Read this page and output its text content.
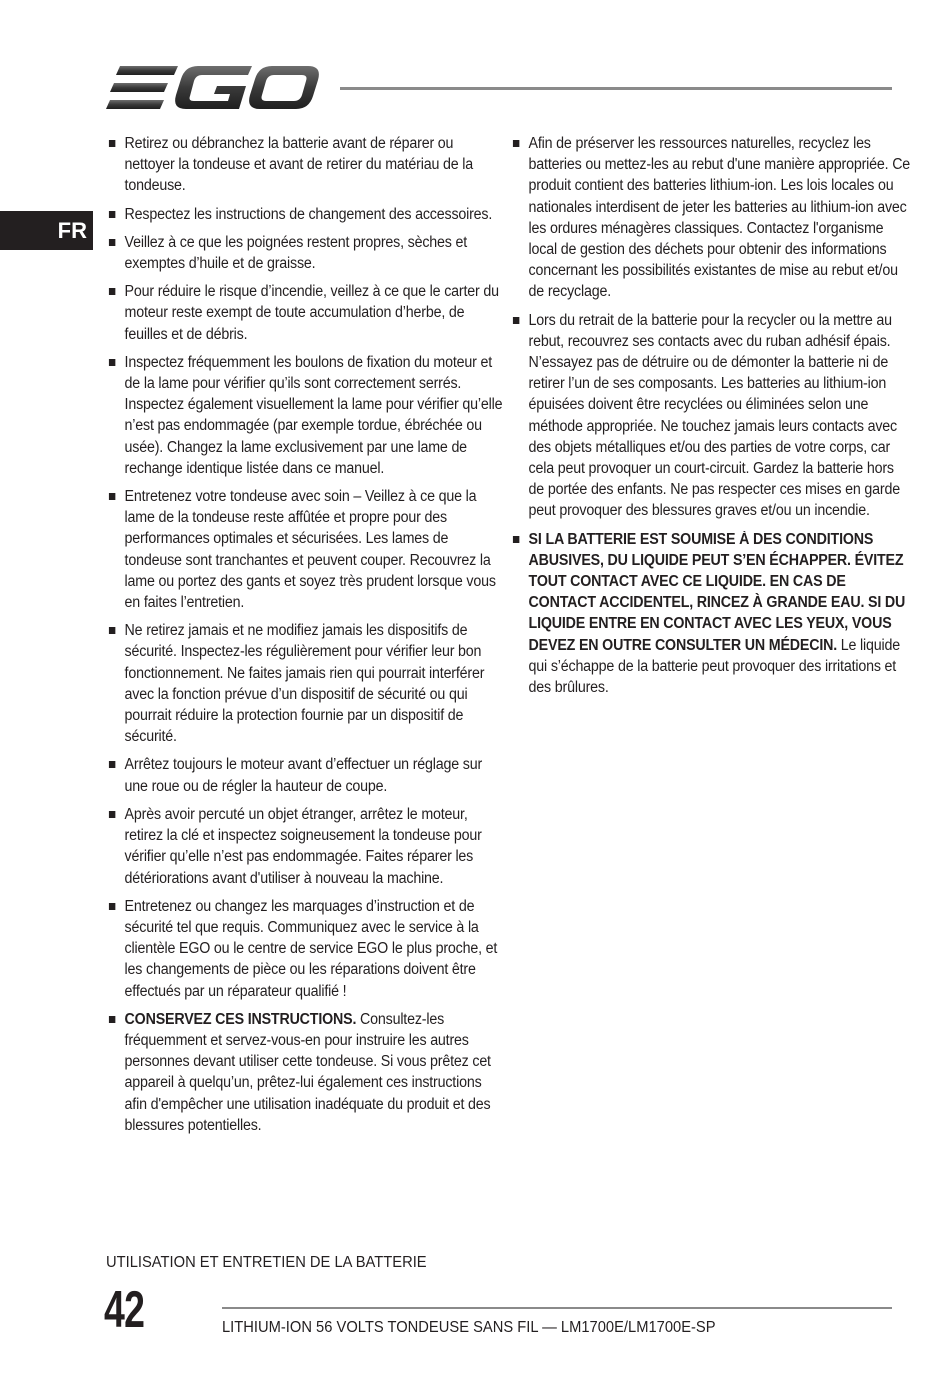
FR
Retirez ou débranchez la batterie avant de réparer ou nettoyer la tondeuse et avant de retirer du matériau de la tondeuse.
Respectez les instructions de changement des accessoires.
Veillez à ce que les poignées restent propres, sèches et exemptes d’huile et de graisse.
Pour réduire le risque d’incendie, veillez à ce que le carter du moteur reste exempt de toute accumulation d’herbe, de feuilles et de débris.
Inspectez fréquemment les boulons de fixation du moteur et de la lame pour vérifier qu’ils sont correctement serrés. Inspectez également visuellement la lame pour vérifier qu’elle n’est pas endommagée (par exemple tordue, ébréchée ou usée). Changez la lame exclusivement par une lame de rechange identique listée dans ce manuel.
Entretenez votre tondeuse avec soin – Veillez à ce que la lame de la tondeuse reste affûtée et propre pour des performances optimales et sécurisées. Les lames de tondeuse sont tranchantes et peuvent couper. Recouvrez la lame ou portez des gants et soyez très prudent lorsque vous en faites l’entretien.
Ne retirez jamais et ne modifiez jamais les dispositifs de sécurité. Inspectez-les régulièrement pour vérifier leur bon fonctionnement. Ne faites jamais rien qui pourrait interférer avec la fonction prévue d’un dispositif de sécurité ou qui pourrait réduire la protection fournie par un dispositif de sécurité.
Arrêtez toujours le moteur avant d’effectuer un réglage sur une roue ou de régler la hauteur de coupe.
Après avoir percuté un objet étranger, arrêtez le moteur, retirez la clé et inspectez soigneusement la tondeuse pour vérifier qu’elle n’est pas endommagée. Faites réparer les détériorations avant d'utiliser à nouveau la machine.
Entretenez ou changez les marquages d’instruction et de sécurité tel que requis. Communiquez avec le service à la clientèle EGO ou le centre de service EGO le plus proche, et les changements de pièce ou les réparations doivent être effectués par un réparateur qualifié !
CONSERVEZ CES INSTRUCTIONS. Consultez-les fréquemment et servez-vous-en pour instruire les autres personnes devant utiliser cette tondeuse. Si vous prêtez cet appareil à quelqu’un, prêtez-lui également ces instructions afin d'empêcher une utilisation inadéquate du produit et des blessures potentielles.
UTILISATION ET ENTRETIEN DE LA BATTERIE
Afin de préserver les ressources naturelles, recyclez les batteries ou mettez-les au rebut d'une manière appropriée. Ce produit contient des batteries lithium-ion. Les lois locales ou nationales interdisent de jeter les batteries au lithium-ion avec les ordures ménagères classiques. Contactez l'organisme local de gestion des déchets pour obtenir des informations concernant les possibilités existantes de mise au rebut et/ou de recyclage.
Lors du retrait de la batterie pour la recycler ou la mettre au rebut, recouvrez ses contacts avec du ruban adhésif épais. N’essayez pas de détruire ou de démonter la batterie ni de retirer l’un de ses composants. Les batteries au lithium-ion épuisées doivent être recyclées ou éliminées selon une méthode appropriée. Ne touchez jamais leurs contacts avec des objets métalliques et/ou des parties de votre corps, car cela peut provoquer un court-circuit. Gardez la batterie hors de portée des enfants. Ne pas respecter ces mises en garde peut provoquer des blessures graves et/ou un incendie.
SI LA BATTERIE EST SOUMISE À DES CONDITIONS ABUSIVES, DU LIQUIDE PEUT S’EN ÉCHAPPER. ÉVITEZ TOUT CONTACT AVEC CE LIQUIDE. EN CAS DE CONTACT ACCIDENTEL, RINCEZ À GRANDE EAU. SI DU LIQUIDE ENTRE EN CONTACT AVEC LES YEUX, VOUS DEVEZ EN OUTRE CONSULTER UN MÉDECIN. Le liquide qui s’échappe de la batterie peut provoquer des irritations et des brûlures.
42	LITHIUM-ION 56 VOLTS TONDEUSE SANS FIL — LM1700E/LM1700E-SP
